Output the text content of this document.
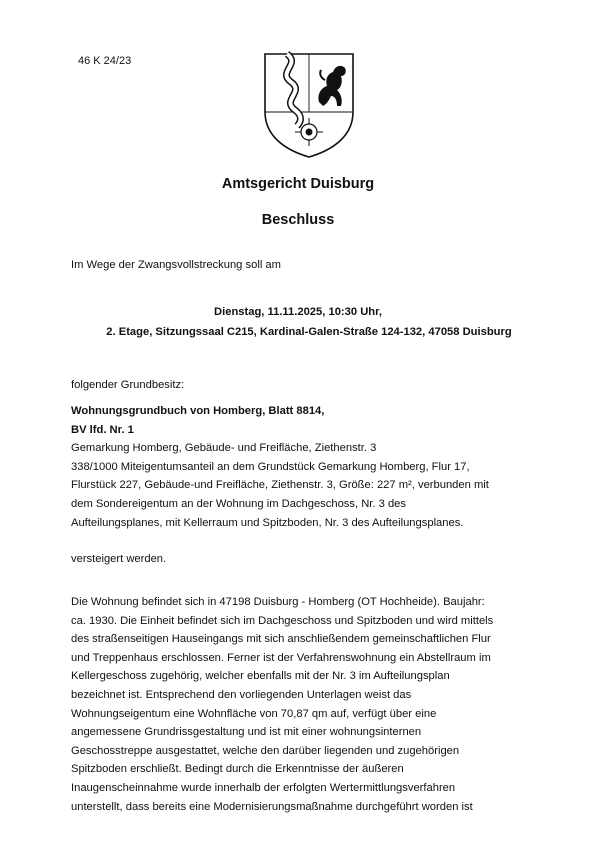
46 K 24/23
Amtsgericht Duisburg
Beschluss
Im Wege der Zwangsvollstreckung soll am
Dienstag, 11.11.2025, 10:30 Uhr,
2. Etage, Sitzungssaal C215, Kardinal-Galen-Straße 124-132, 47058 Duisburg
folgender Grundbesitz:
Wohnungsgrundbuch von Homberg, Blatt 8814,
BV lfd. Nr. 1
Gemarkung Homberg, Gebäude- und Freifläche, Ziethenstr. 3
338/1000 Miteigentumsanteil an dem Grundstück Gemarkung Homberg, Flur 17,
Flurstück 227, Gebäude-und Freifläche, Ziethenstr. 3, Größe: 227 m², verbunden mit
dem Sondereigentum an der Wohnung im Dachgeschoss, Nr. 3 des
Aufteilungsplanes, mit Kellerraum und Spitzboden, Nr. 3 des Aufteilungsplanes.
versteigert werden.
Die Wohnung befindet sich in 47198 Duisburg - Homberg (OT Hochheide). Baujahr:
ca. 1930. Die Einheit befindet sich im Dachgeschoss und Spitzboden und wird mittels
des straßenseitigen Hauseingangs mit sich anschließendem gemeinschaftlichen Flur
und Treppenhaus erschlossen. Ferner ist der Verfahrenswohnung ein Abstellraum im
Kellergeschoss zugehörig, welcher ebenfalls mit der Nr. 3 im Aufteilungsplan
bezeichnet ist. Entsprechend den vorliegenden Unterlagen weist das
Wohnungseigentum eine Wohnfläche von 70,87 qm auf, verfügt über eine
angemessene Grundrissgestaltung und ist mit einer wohnungsinternen
Geschosstreppe ausgestattet, welche den darüber liegenden und zugehörigen
Spitzboden erschließt. Bedingt durch die Erkenntnisse der äußeren
Inaugenscheinnahme wurde innerhalb der erfolgten Wertermittlungsverfahren
unterstellt, dass bereits eine Modernisierungsmaßnahme durchgeführt worden ist
